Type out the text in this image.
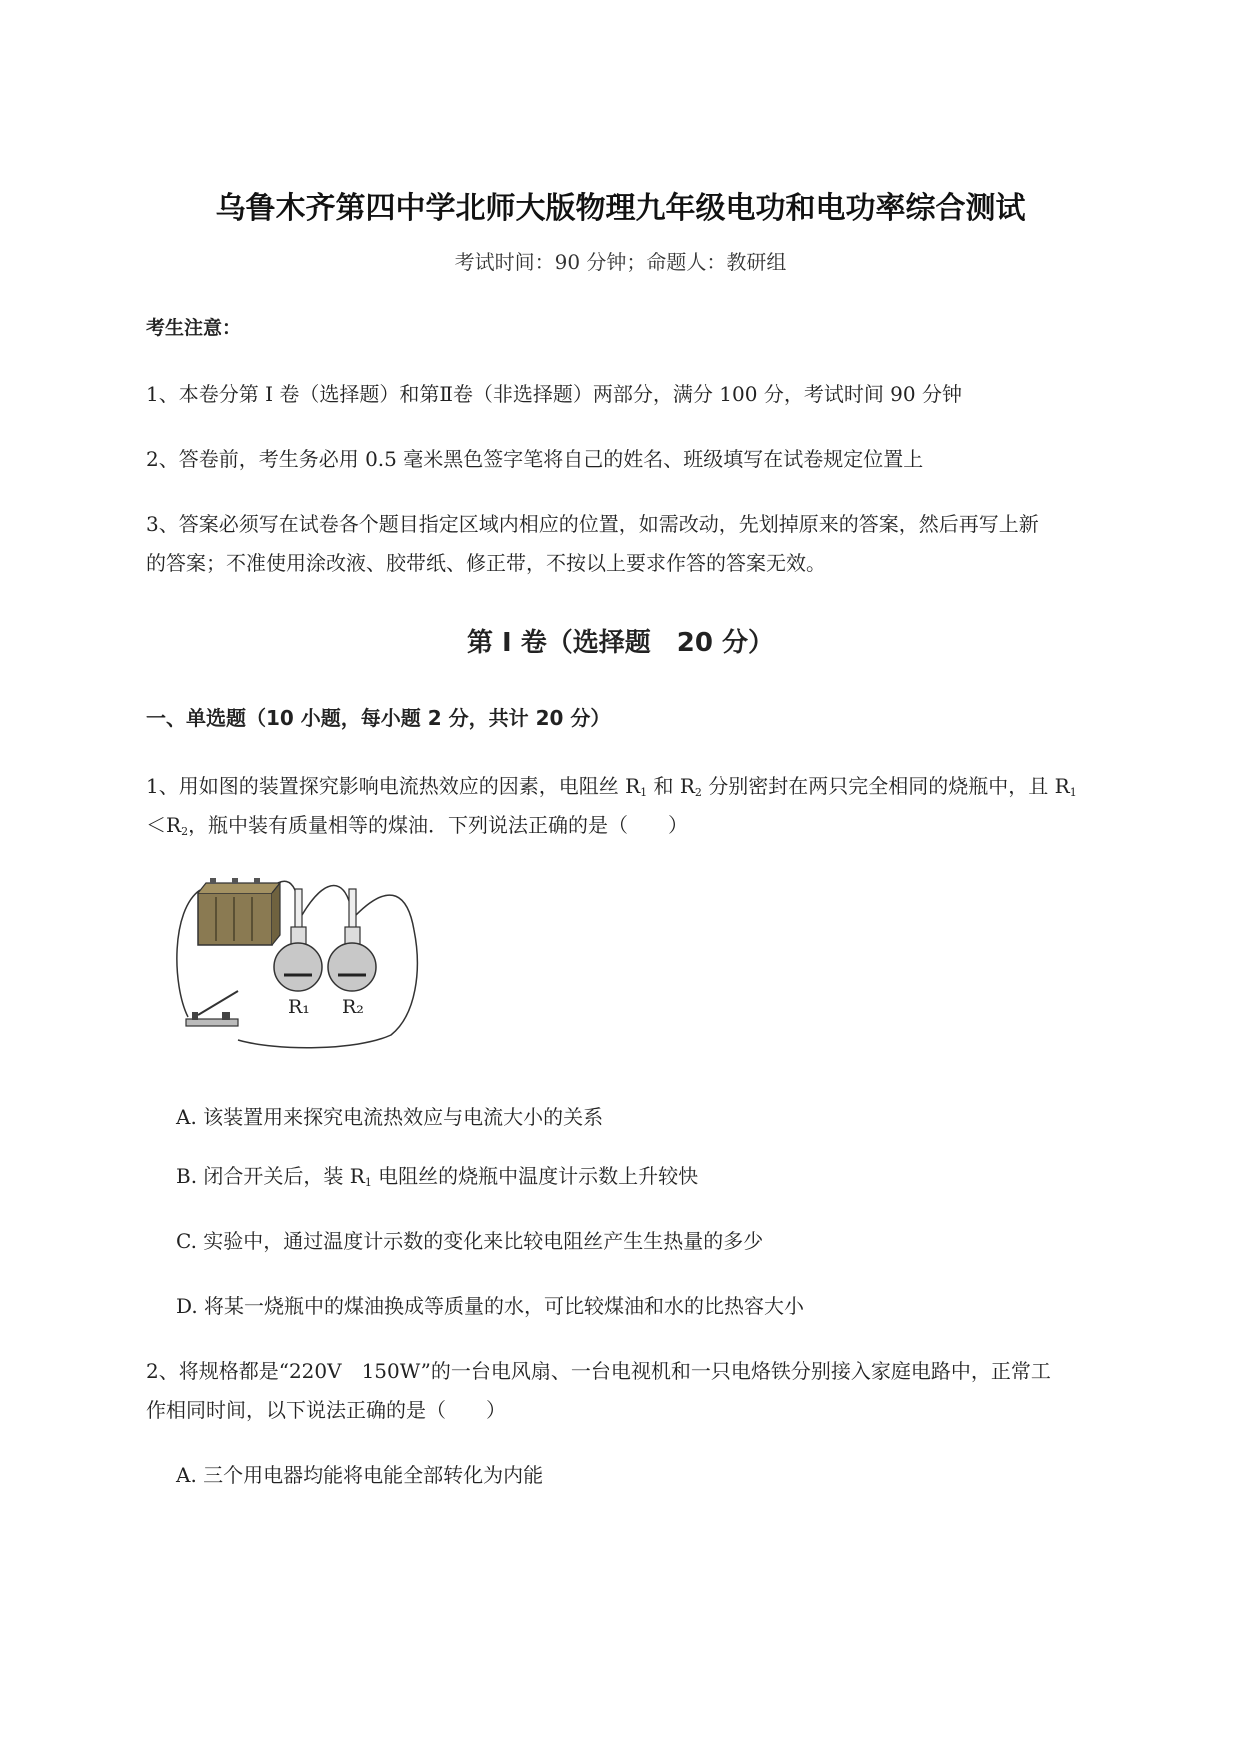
乌鲁木齐第四中学北师大版物理九年级电功和电功率综合测试
考试时间：90 分钟；命题人：教研组
考生注意：
1、本卷分第 I 卷（选择题）和第Ⅱ卷（非选择题）两部分，满分 100 分，考试时间 90 分钟
2、答卷前，考生务必用 0.5 毫米黑色签字笔将自己的姓名、班级填写在试卷规定位置上
3、答案必须写在试卷各个题目指定区域内相应的位置，如需改动，先划掉原来的答案，然后再写上新
的答案；不准使用涂改液、胶带纸、修正带，不按以上要求作答的答案无效。
第 I 卷（选择题　20 分）
一、单选题（10 小题，每小题 2 分，共计 20 分）
1、用如图的装置探究影响电流热效应的因素，电阻丝 $R_1$ 和 $R_2$ 分别密封在两只完全相同的烧瓶中，且 $R_1$
$<R_2$，瓶中装有质量相等的煤油．下列说法正确的是（　　）
R₁ R₂
A. 该装置用来探究电流热效应与电流大小的关系
B. 闭合开关后，装 $R_1$ 电阻丝的烧瓶中温度计示数上升较快
C. 实验中，通过温度计示数的变化来比较电阻丝产生生热量的多少
D. 将某一烧瓶中的煤油换成等质量的水，可比较煤油和水的比热容大小
2、将规格都是“220V　150W”的一台电风扇、一台电视机和一只电烙铁分别接入家庭电路中，正常工
作相同时间，以下说法正确的是（　　）
A. 三个用电器均能将电能全部转化为内能
